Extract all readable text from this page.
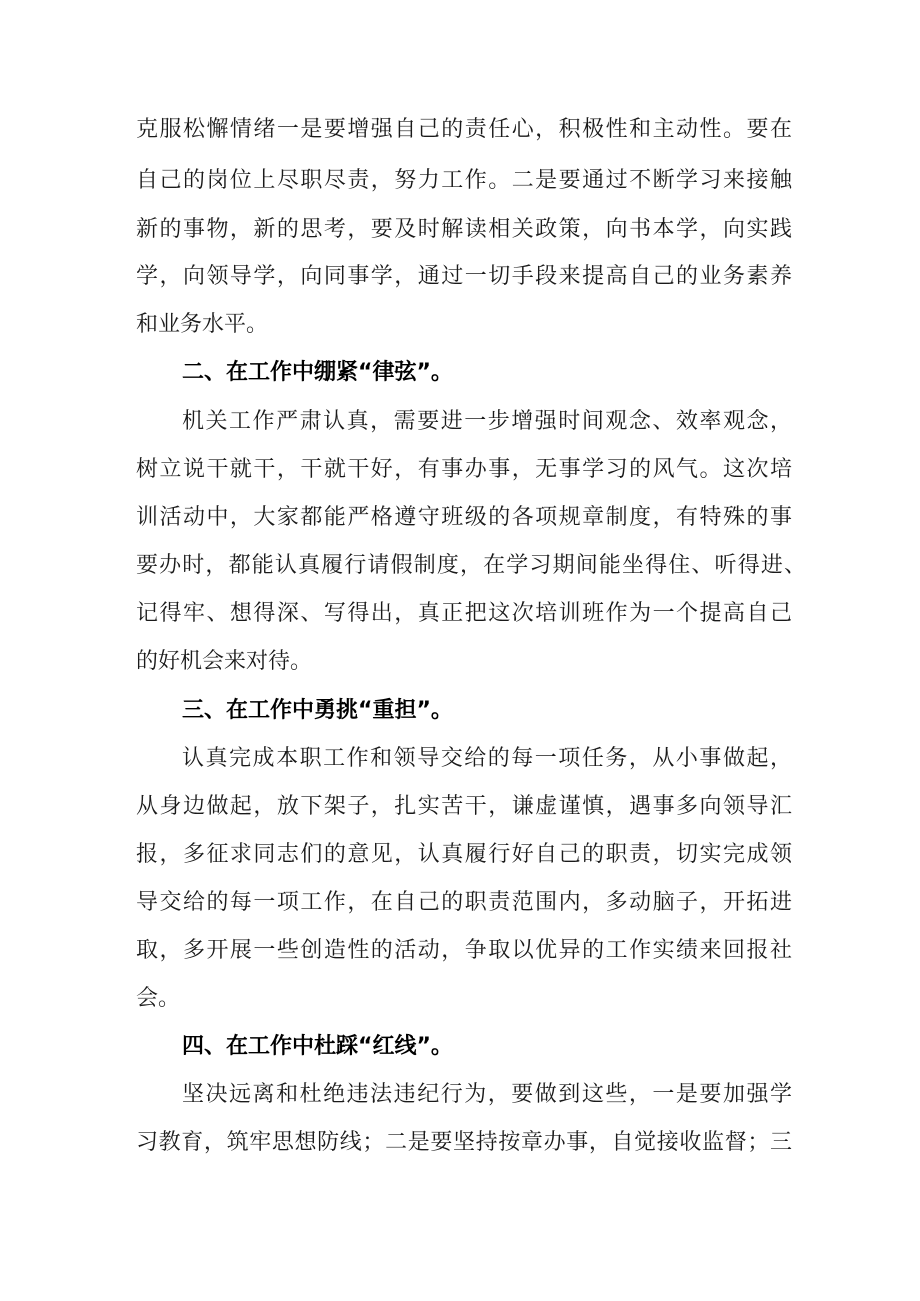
克服松懈情绪一是要增强自己的责任心，积极性和主动性。要在
自己的岗位上尽职尽责，努力工作。二是要通过不断学习来接触
新的事物，新的思考，要及时解读相关政策，向书本学，向实践
学，向领导学，向同事学，通过一切手段来提高自己的业务素养
和业务水平。
二、在工作中绷紧“律弦”。
机关工作严肃认真，需要进一步增强时间观念、效率观念，
树立说干就干，干就干好，有事办事，无事学习的风气。这次培
训活动中，大家都能严格遵守班级的各项规章制度，有特殊的事
要办时，都能认真履行请假制度，在学习期间能坐得住、听得进、
记得牢、想得深、写得出，真正把这次培训班作为一个提高自己
的好机会来对待。
三、在工作中勇挑“重担”。
认真完成本职工作和领导交给的每一项任务，从小事做起，
从身边做起，放下架子，扎实苦干，谦虚谨慎，遇事多向领导汇
报，多征求同志们的意见，认真履行好自己的职责，切实完成领
导交给的每一项工作，在自己的职责范围内，多动脑子，开拓进
取，多开展一些创造性的活动，争取以优异的工作实绩来回报社
会。
四、在工作中杜踩“红线”。
坚决远离和杜绝违法违纪行为，要做到这些，一是要加强学
习教育，筑牢思想防线；二是要坚持按章办事，自觉接收监督；三
